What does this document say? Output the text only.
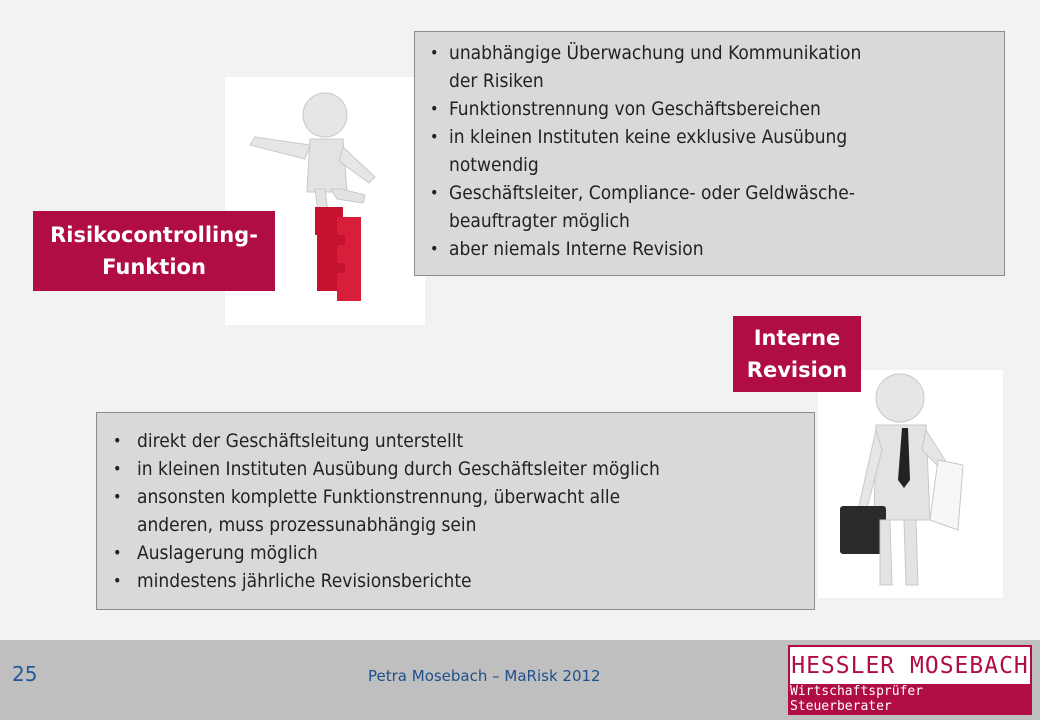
Risikocontrolling-
Funktion
Interne
Revision
• unabhängige Überwachung und Kommunikation
der Risiken
• Funktionstrennung von Geschäftsbereichen
• in kleinen Instituten keine exklusive Ausübung
notwendig
• Geschäftsleiter, Compliance- oder Geldwäsche-
beauftragter möglich
• aber niemals Interne Revision
• direkt der Geschäftsleitung unterstellt
• in kleinen Instituten Ausübung durch Geschäftsleiter möglich
• ansonsten komplette Funktionstrennung, überwacht alle
anderen, muss prozessunabhängig sein
• Auslagerung möglich
• mindestens jährliche Revisionsberichte
25	Petra Mosebach – MaRisk 2012	HESSLER MOSEBACH
Wirtschaftsprüfer Steuerberater
